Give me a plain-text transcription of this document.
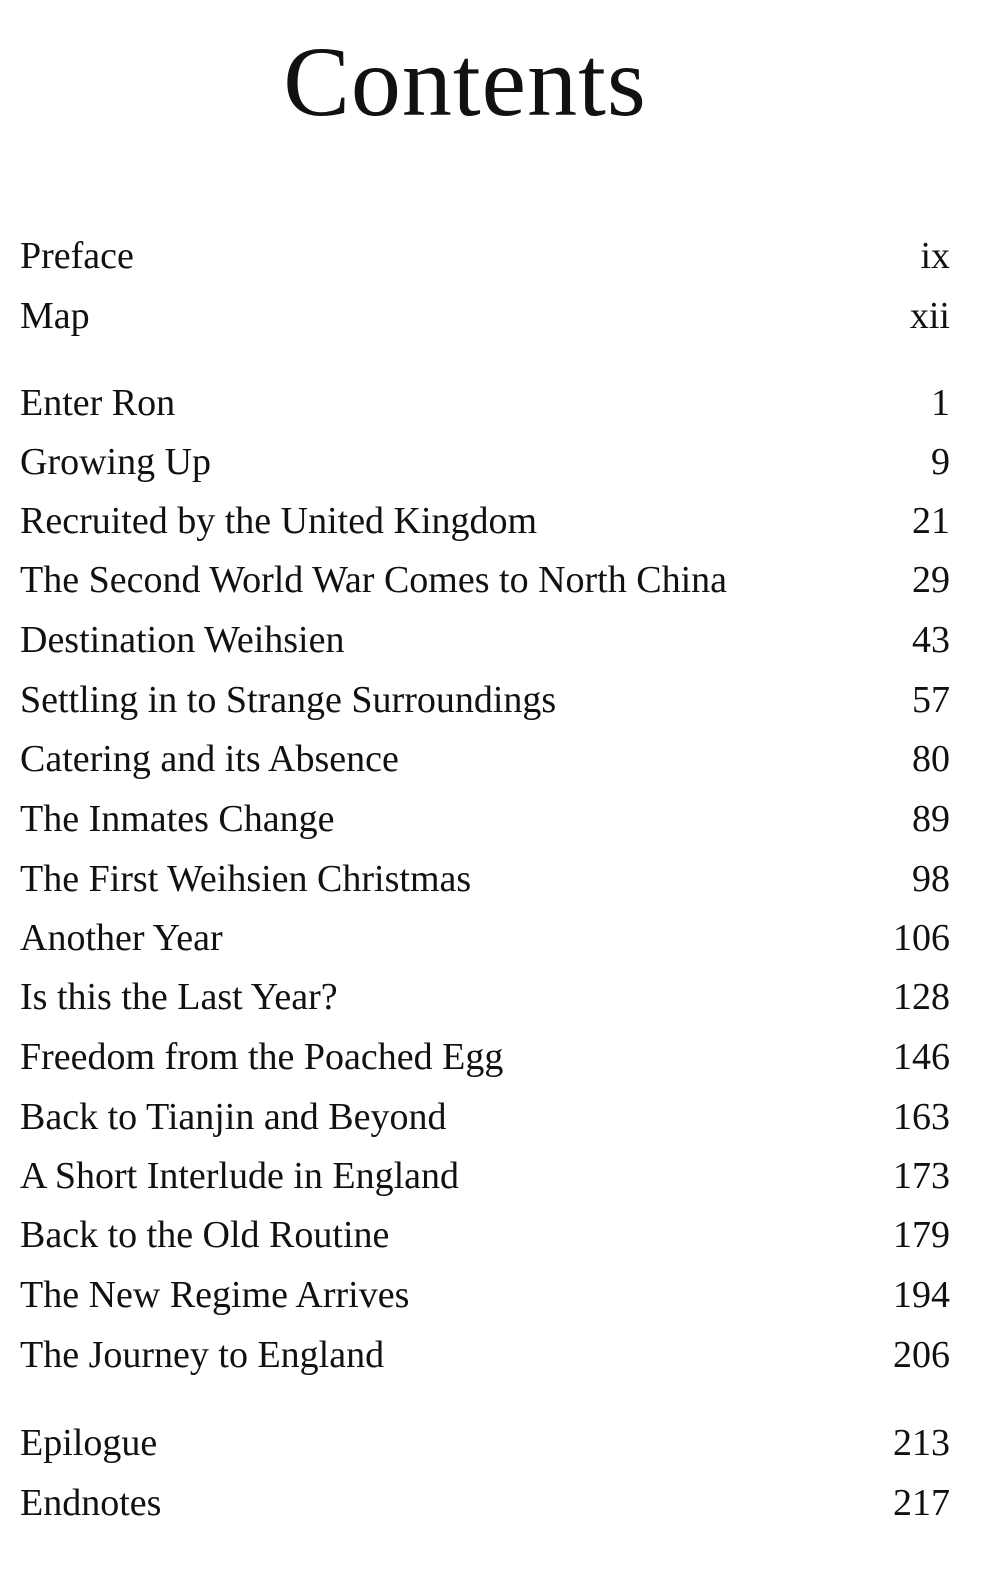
Contents
Preface	ix
Map	xii
Enter Ron	1
Growing Up	9
Recruited by the United Kingdom	21
The Second World War Comes to North China	29
Destination Weihsien	43
Settling in to Strange Surroundings	57
Catering and its Absence	80
The Inmates Change	89
The First Weihsien Christmas	98
Another Year	106
Is this the Last Year?	128
Freedom from the Poached Egg	146
Back to Tianjin and Beyond	163
A Short Interlude in England	173
Back to the Old Routine	179
The New Regime Arrives	194
The Journey to England	206
Epilogue	213
Endnotes	217
